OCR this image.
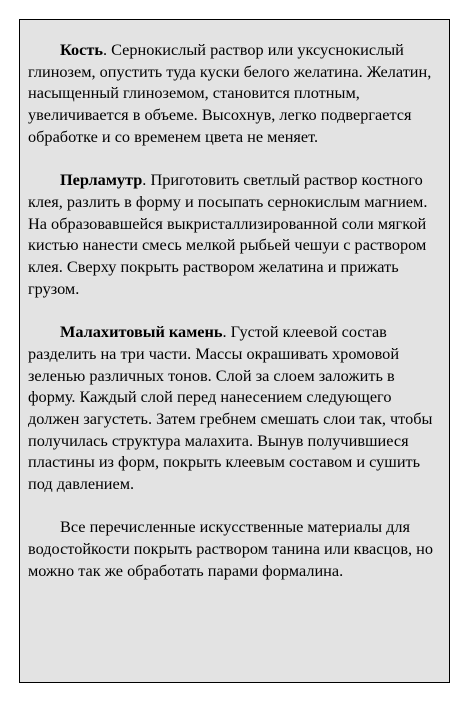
Кость. Сернокислый раствор или уксуснокислый глинозем, опустить туда куски белого желатина. Желатин, насыщенный глиноземом, становится плотным, увеличивается в объеме. Высохнув, легко подвергается обработке и со временем цвета не меняет.

Перламутр. Приготовить светлый раствор костного клея, разлить в форму и посыпать сернокислым магнием. На образовавшейся выкристаллизированной соли мягкой кистью нанести смесь мелкой рыбьей чешуи с раствором клея. Сверху покрыть раствором желатина и прижать грузом.

Малахитовый камень. Густой клеевой состав разделить на три части. Массы окрашивать хромовой зеленью различных тонов. Слой за слоем заложить в форму. Каждый слой перед нанесением следующего должен загустеть. Затем гребнем смешать слои так, чтобы получилась структура малахита. Вынув получившиеся пластины из форм, покрыть клеевым составом и сушить под давлением.

Все перечисленные искусственные материалы для водостойкости покрыть раствором танина или квасцов, но можно так же обработать парами формалина.
